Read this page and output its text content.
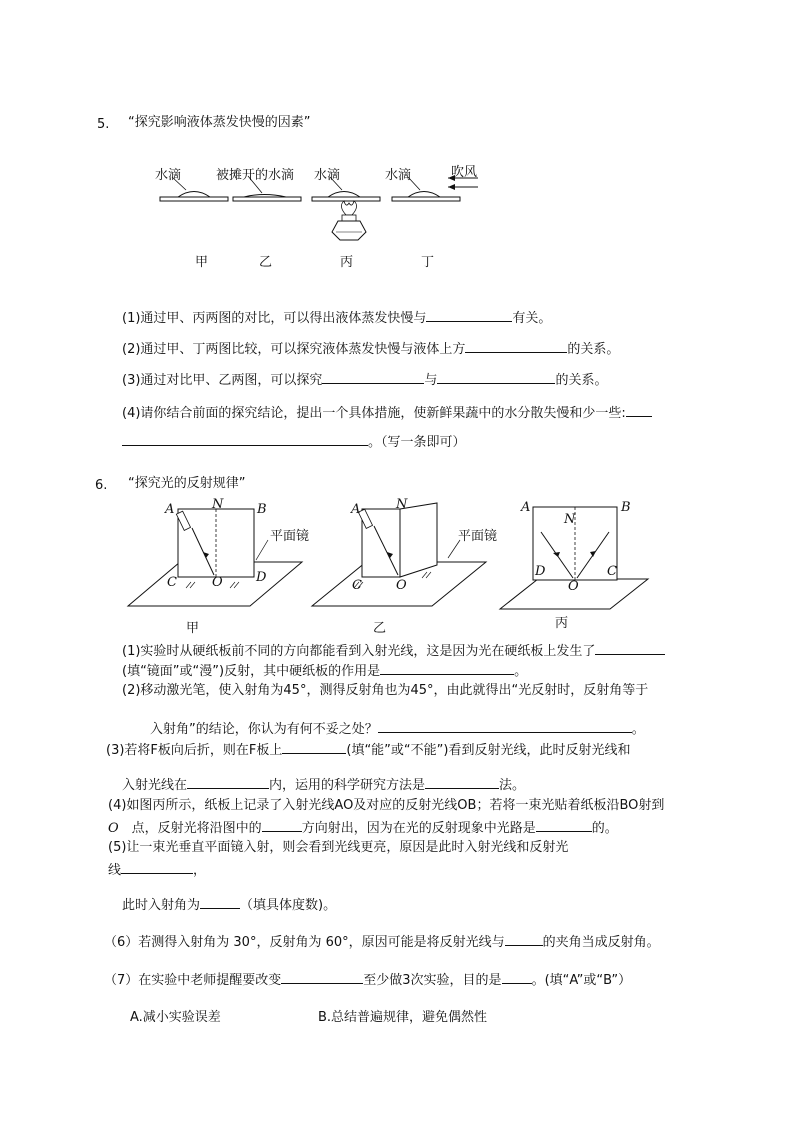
5. “探究影响液体蒸发快慢的因素”
水滴	被摊开的水滴 水滴	水滴	吹风
甲	乙	丙	丁
(1)通过甲、丙两图的对比，可以得出液体蒸发快慢与	有关。
(2)通过甲、丁两图比较，可以探究液体蒸发快慢与液体上方	的关系。
(3)通过对比甲、乙两图，可以探究	与	的关系。
(4)请你结合前面的探究结论，提出一个具体措施，使新鲜果蔬中的水分散失慢和少一些:
。（写一条即可）
6. “探究光的反射规律”
A	B
N
C	O	D
平面镜
甲
A	N
C	O
平面镜
乙
A	B
N
D
O
C
丙
(1)实验时从硬纸板前不同的方向都能看到入射光线，这是因为光在硬纸板上发生了
(填“镜面”或“漫”)反射，其中硬纸板的作用是	。
(2)移动激光笔，使入射角为45°，测得反射角也为45°，由此就得出“光反射时，反射角等于
入射角”的结论，你认为有何不妥之处？	。
(3)若将F板向后折，则在F板上	(填“能”或“不能”)看到反射光线，此时反射光线和
入射光线在	内，运用的科学研究方法是	法。
(4)如图丙所示，纸板上记录了入射光线AO及对应的反射光线OB；若将一束光贴着纸板沿BO射到
O  点，反射光将沿图中的	方向射出，因为在光的反射现象中光路是	的。
(5)让一束光垂直平面镜入射，则会看到光线更亮，原因是此时入射光线和反射光
线	，
此时入射角为	（填具体度数)。
（6）若测得入射角为 30°，反射角为 60°，原因可能是将反射光线与	的夹角当成反射角。
（7）在实验中老师提醒要改变	至少做3次实验，目的是 。(填“A”或“B”）
A.减小实验误差	B.总结普遍规律，避免偶然性
